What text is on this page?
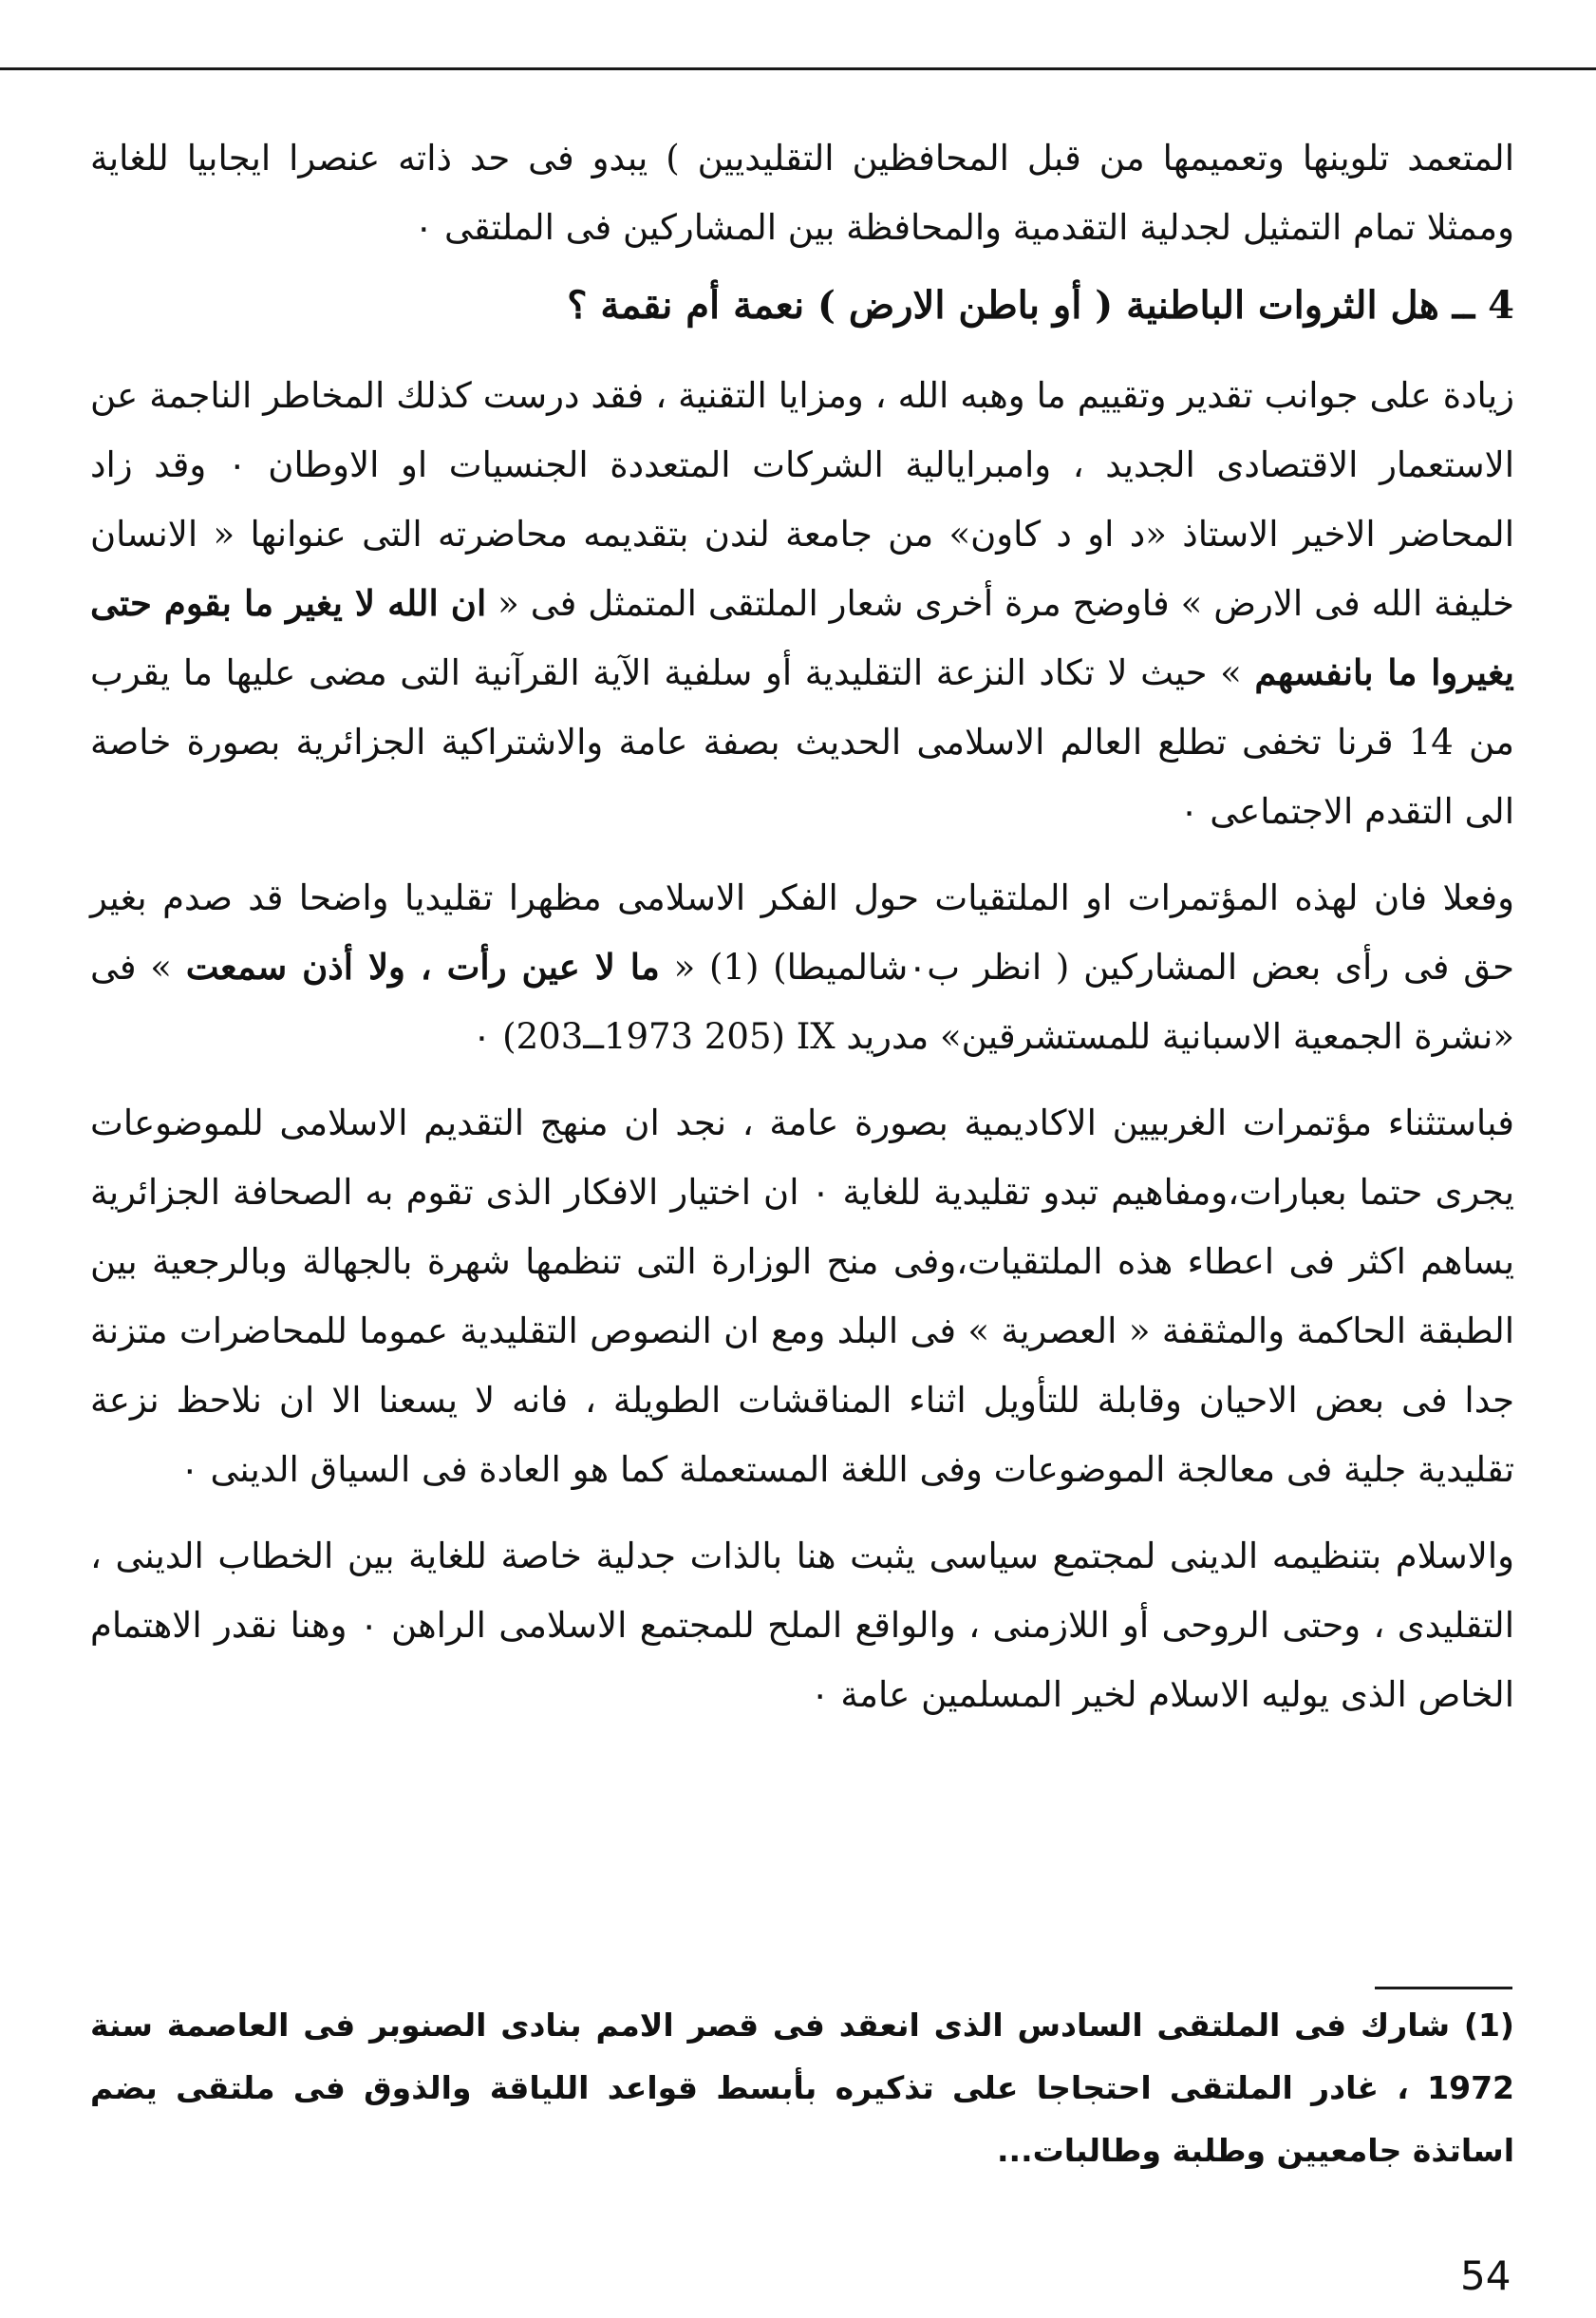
المتعمد تلوينها وتعميمها من قبل المحافظين التقليديين ) يبدو فى حد ذاته عنصرا ايجابيا للغاية وممثلا تمام التمثيل لجدلية التقدمية والمحافظة بين المشاركين فى الملتقى ٠

4 ــ هل الثروات الباطنية ( أو باطن الارض ) نعمة أم نقمة ؟

زيادة على جوانب تقدير وتقييم ما وهبه الله ، ومزايا التقنية ، فقد درست كذلك المخاطر الناجمة عن الاستعمار الاقتصادى الجديد ، وامبرايالية الشركات المتعددة الجنسيات او الاوطان ٠ وقد زاد المحاضر الاخير الاستاذ «د او د كاون» من جامعة لندن بتقديمه محاضرته التى عنوانها « الانسان خليفة الله فى الارض » فاوضح مرة أخرى شعار الملتقى المتمثل فى « ان الله لا يغير ما بقوم حتى يغيروا ما بانفسهم » حيث لا تكاد النزعة التقليدية أو سلفية الآية القرآنية التى مضى عليها ما يقرب من 14 قرنا تخفى تطلع العالم الاسلامى الحديث بصفة عامة والاشتراكية الجزائرية بصورة خاصة الى التقدم الاجتماعى ٠

وفعلا فان لهذه المؤتمرات او الملتقيات حول الفكر الاسلامى مظهرا تقليديا واضحا قد صدم بغير حق فى رأى بعض المشاركين ( انظر ب٠شالميطا) (1) « ما لا عين رأت ، ولا أذن سمعت » فى «نشرة الجمعية الاسبانية للمستشرقين» مدريد IX (1973 205ــ203) ٠

فباستثناء مؤتمرات الغربيين الاكاديمية بصورة عامة ، نجد ان منهج التقديم الاسلامى للموضوعات يجرى حتما بعبارات،ومفاهيم تبدو تقليدية للغاية ٠ ان اختيار الافكار الذى تقوم به الصحافة الجزائرية يساهم اكثر فى اعطاء هذه الملتقيات،وفى منح الوزارة التى تنظمها شهرة بالجهالة وبالرجعية بين الطبقة الحاكمة والمثقفة « العصرية » فى البلد ومع ان النصوص التقليدية عموما للمحاضرات متزنة جدا فى بعض الاحيان وقابلة للتأويل اثناء المناقشات الطويلة ، فانه لا يسعنا الا ان نلاحظ نزعة تقليدية جلية فى معالجة الموضوعات وفى اللغة المستعملة كما هو العادة فى السياق الدينى ٠

والاسلام بتنظيمه الدينى لمجتمع سياسى يثبت هنا بالذات جدلية خاصة للغاية بين الخطاب الدينى ، التقليدى ، وحتى الروحى أو اللازمنى ، والواقع الملح للمجتمع الاسلامى الراهن ٠ وهنا نقدر الاهتمام الخاص الذى يوليه الاسلام لخير المسلمين عامة ٠

(1) شارك فى الملتقى السادس الذى انعقد فى قصر الامم بنادى الصنوبر فى العاصمة سنة 1972 ، غادر الملتقى احتجاجا على تذكيره بأبسط قواعد اللياقة والذوق فى ملتقى يضم اساتذة جامعيين وطلبة وطالبات...

54
